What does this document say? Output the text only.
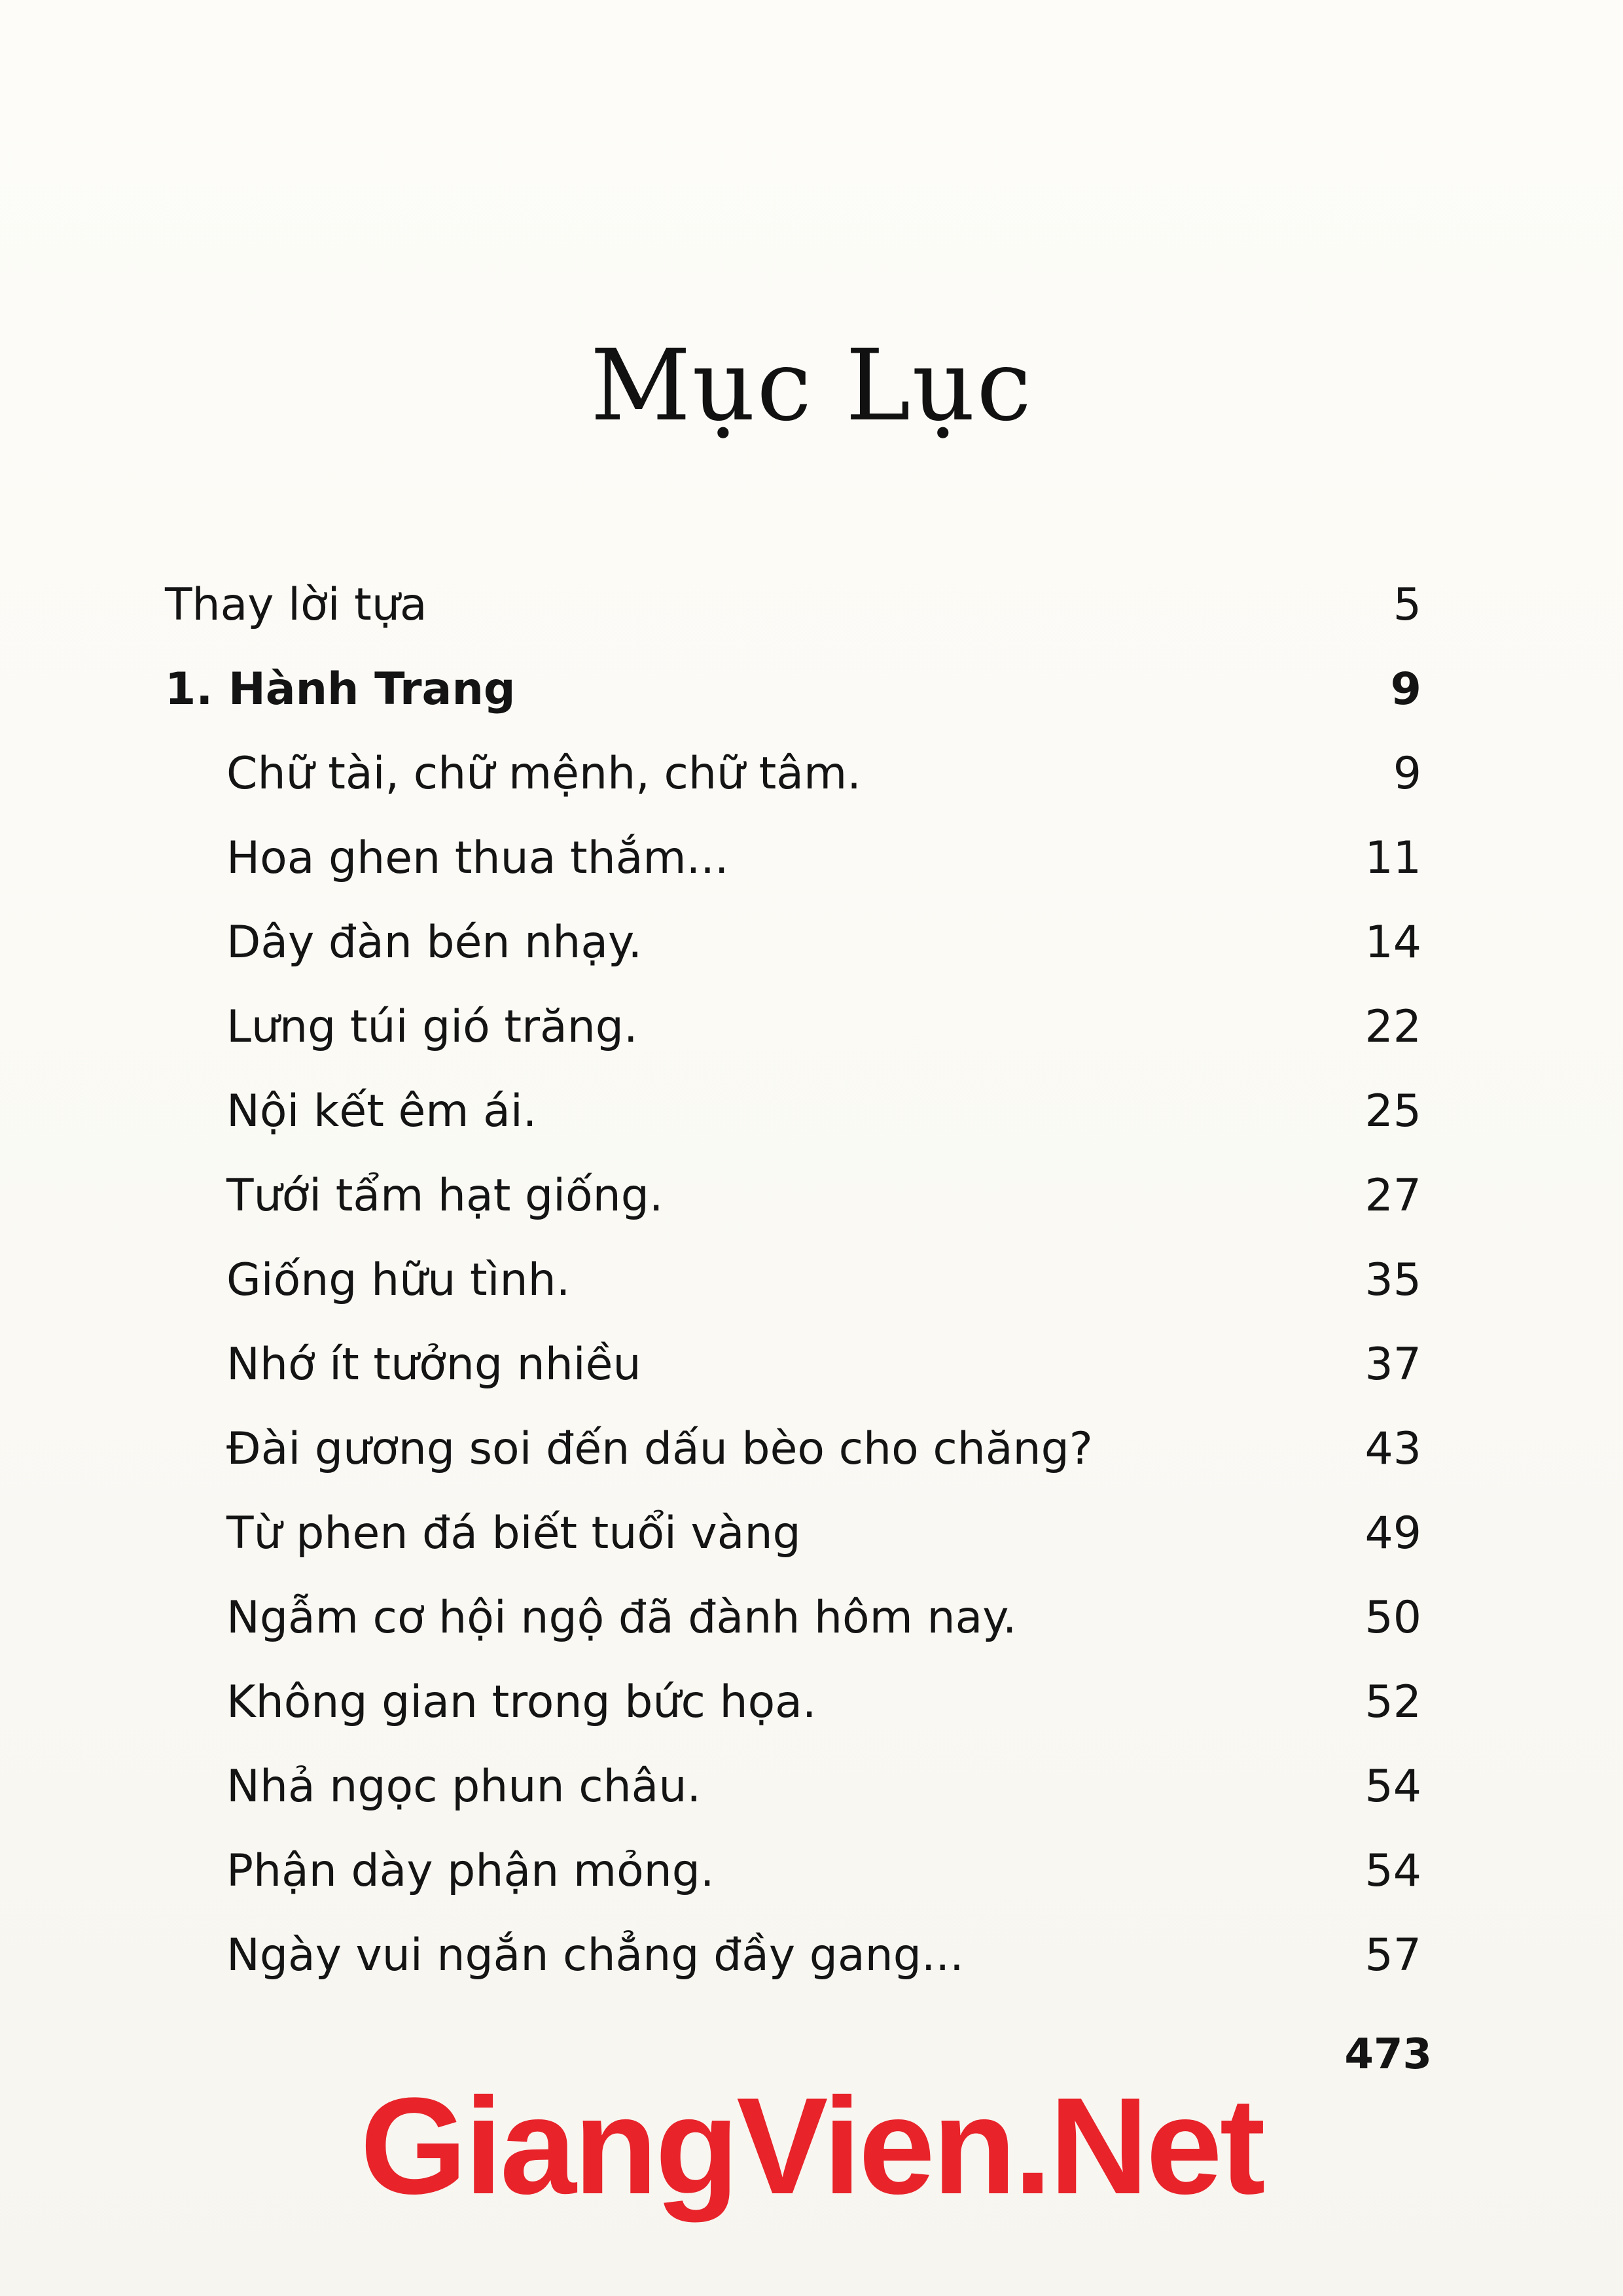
Mục Lục
Thay lời tựa	5
1. Hành Trang	9
Chữ tài, chữ mệnh, chữ tâm.	9
Hoa ghen thua thắm...	11
Dây đàn bén nhạy.	14
Lưng túi gió trăng.	22
Nội kết êm ái.	25
Tưới tẩm hạt giống.	27
Giống hữu tình.	35
Nhớ ít tưởng nhiều	37
Đài gương soi đến dấu bèo cho chăng?	43
Từ phen đá biết tuổi vàng	49
Ngẫm cơ hội ngộ đã đành hôm nay.	50
Không gian trong bức họa.	52
Nhả ngọc phun châu.	54
Phận dày phận mỏng.	54
Ngày vui ngắn chẳng đầy gang...	57
473
GiangVien.Net
